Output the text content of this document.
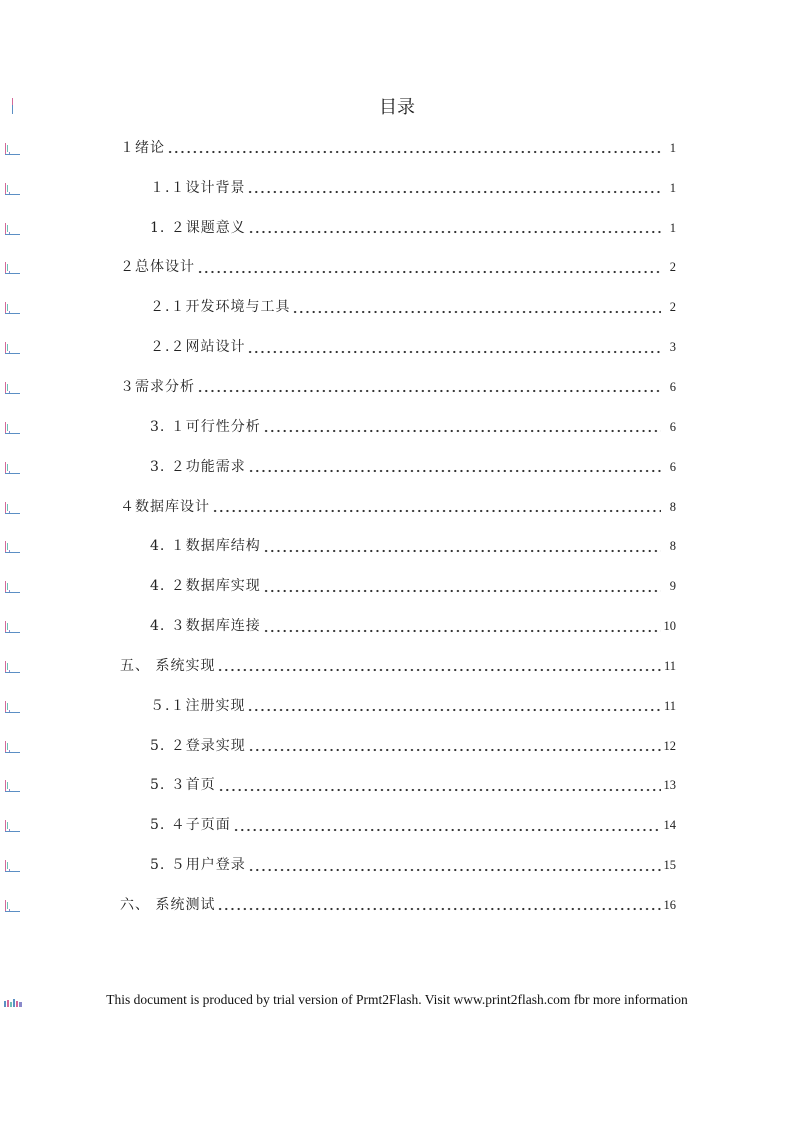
目录
１绪论	1
１.１设计背景	1
1. ２课题意义	1
２总体设计	2
２.１开发环境与工具	2
２.２网站设计	3
３需求分析	6
3. １可行性分析	6
3. ２功能需求	6
４数据库设计	8
4. １数据库结构	8
4. ２数据库实现	9
4. ３数据库连接	10
五、 系统实现	11
５.１注册实现	11
5. ２登录实现	12
5. ３首页	13
5. ４子页面	14
5. ５用户登录	15
六、 系统测试	16
This document is produced by trial version of Prmt2Flash. Visit www.print2flash.com fbr more information
